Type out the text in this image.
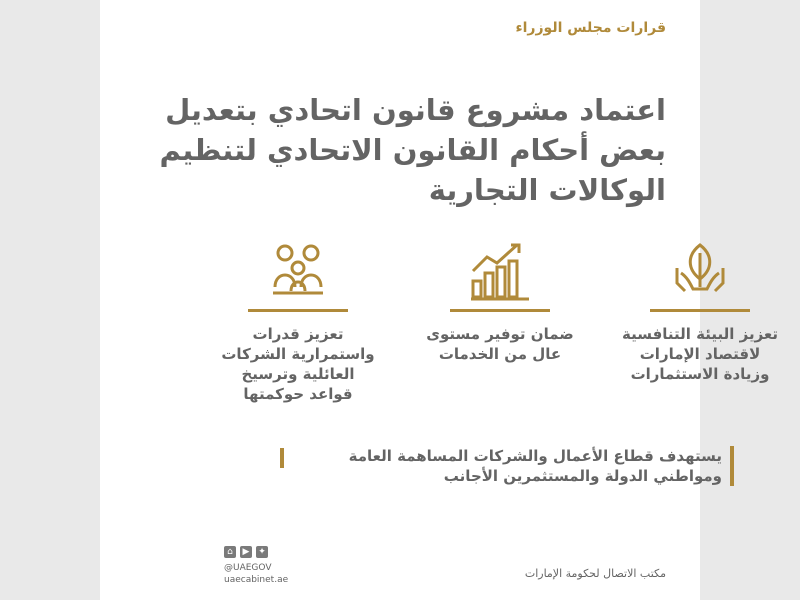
قرارات مجلس الوزراء
اعتماد مشروع قانون اتحادي بتعديل بعض أحكام القانون الاتحادي لتنظيم الوكالات التجارية
تعزيز البيئة التنافسية لاقتصاد الإمارات وزيادة الاستثمارات
ضمان توفير مستوى عال من الخدمات
تعزيز قدرات واستمرارية الشركات العائلية وترسيخ قواعد حوكمتها
يستهدف قطاع الأعمال والشركات المساهمة العامة ومواطني الدولة والمستثمرين الأجانب
⌂	▶ ✦
@UAEGOV
uaecabinet.ae	مكتب الاتصال لحكومة الإمارات
